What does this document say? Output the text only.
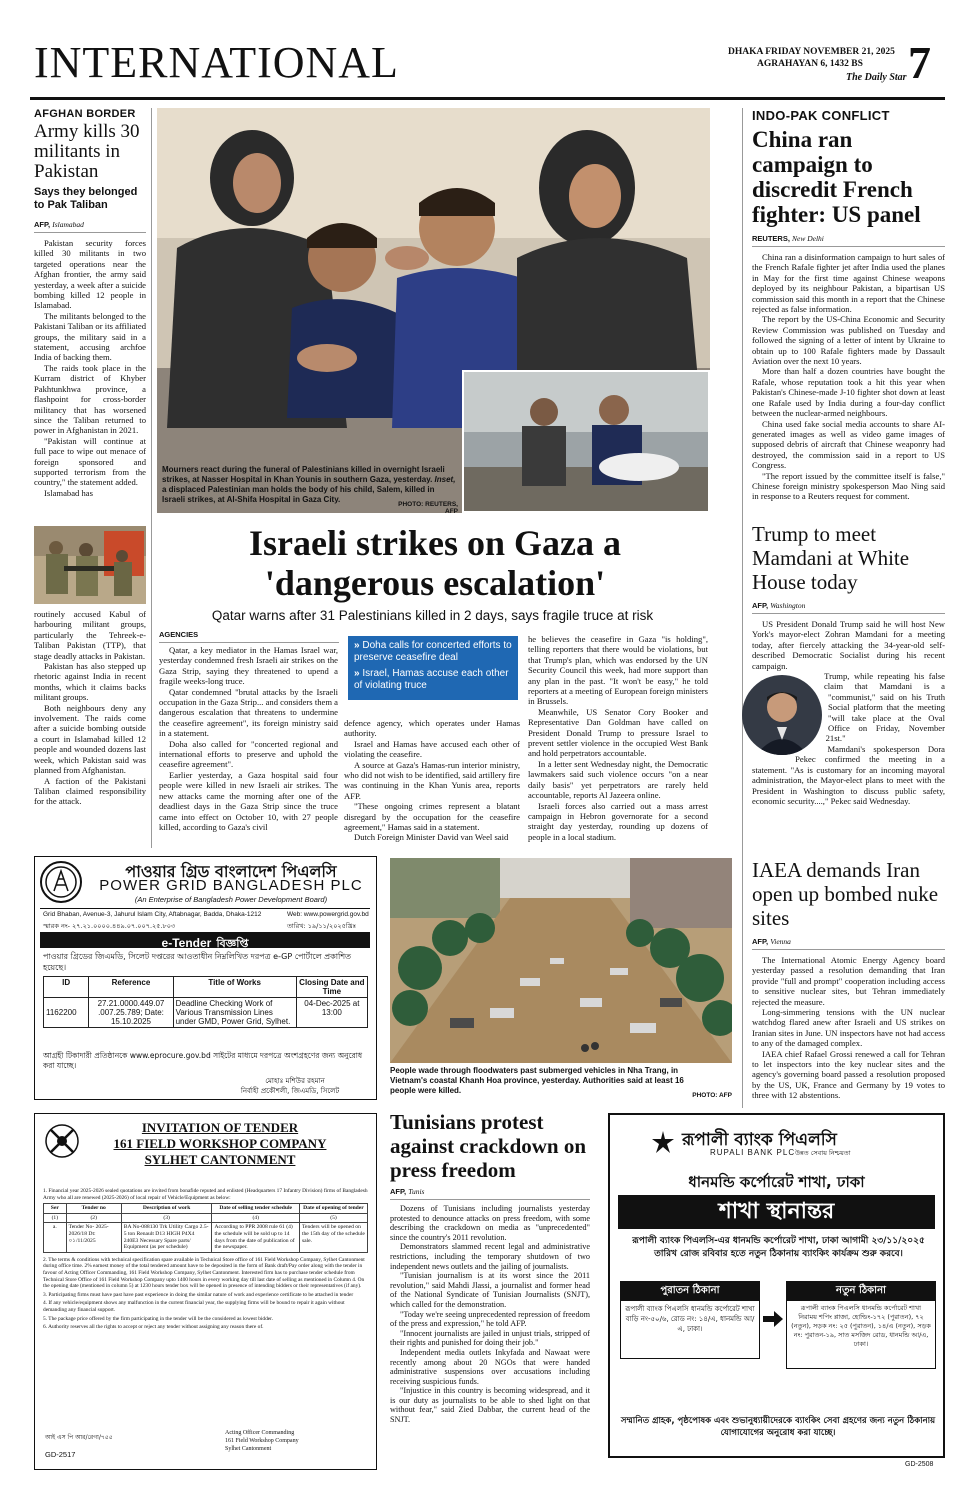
INTERNATIONAL	DHAKA FRIDAY NOVEMBER 21, 2025
AGRAHAYAN 6, 1432 BS
The Daily Star 7
AFGHAN BORDER
Army kills 30 militants in Pakistan
Says they belonged to Pak Taliban
AFP, Islamabad

Pakistan security forces killed 30 militants in two targeted operations near the Afghan frontier, the army said yesterday, a week after a suicide bombing killed 12 people in Islamabad.

The militants belonged to the Pakistani Taliban or its affiliated groups, the military said in a statement, accusing archfoe India of backing them.

The raids took place in the Kurram district of Khyber Pakhtunkhwa province, a flashpoint for cross-border militancy that has worsened since the Taliban returned to power in Afghanistan in 2021.

"Pakistan will continue at full pace to wipe out menace of foreign sponsored and supported terrorism from the country," the statement added.

Islamabad has

routinely accused Kabul of harbouring militant groups, particularly the Tehreek-e-Taliban Pakistan (TTP), that stage deadly attacks in Pakistan.

Pakistan has also stepped up rhetoric against India in recent months, which it claims backs militant groups.

Both neighbours deny any involvement. The raids come after a suicide bombing outside a court in Islamabad killed 12 people and wounded dozens last week, which Pakistan said was planned from Afghanistan.

A faction of the Pakistani Taliban claimed responsibility for the attack.

Mourners react during the funeral of Palestinians killed in overnight Israeli strikes, at Nasser Hospital in Khan Younis in southern Gaza, yesterday. Inset, a displaced Palestinian man holds the body of his child, Salem, killed in Israeli strikes, at Al-Shifa Hospital in Gaza City.
PHOTO: REUTERS, AFP
Israeli strikes on Gaza a 'dangerous escalation'
Qatar warns after 31 Palestinians killed in 2 days, says fragile truce at risk
AGENCIES

Qatar, a key mediator in the Hamas Israel war, yesterday condemned fresh Israeli air strikes on the Gaza Strip, saying they threatened to upend a fragile weeks-long truce.

Qatar condemned "brutal attacks by the Israeli occupation in the Gaza Strip... and considers them a dangerous escalation that threatens to undermine the ceasefire agreement", its foreign ministry said in a statement.

Doha also called for "concerted regional and international efforts to preserve and uphold the ceasefire agreement".

Earlier yesterday, a Gaza hospital said four people were killed in new Israeli air strikes. The new attacks came the morning after one of the deadliest days in the Gaza Strip since the truce came into effect on October 10, with 27 people killed, according to Gaza's civil

» Doha calls for concerted efforts to preserve ceasefire deal
» Israel, Hamas accuse each other of violating truce

defence agency, which operates under Hamas authority.

Israel and Hamas have accused each other of violating the ceasefire.

A source at Gaza's Hamas-run interior ministry, who did not wish to be identified, said artillery fire was continuing in the Khan Yunis area, reports AFP.

"These ongoing crimes represent a blatant disregard by the occupation for the ceasefire agreement," Hamas said in a statement.

Dutch Foreign Minister David van Weel said

he believes the ceasefire in Gaza "is holding", telling reporters that there would be violations, but that Trump's plan, which was endorsed by the UN Security Council this week, had more support than any plan in the past. "It won't be easy," he told reporters at a meeting of European foreign ministers in Brussels.

Meanwhile, US Senator Cory Booker and Representative Dan Goldman have called on President Donald Trump to pressure Israel to prevent settler violence in the occupied West Bank and hold perpetrators accountable.

In a letter sent Wednesday night, the Democratic lawmakers said such violence occurs "on a near daily basis" yet perpetrators are rarely held accountable, reports Al Jazeera online.

Israeli forces also carried out a mass arrest campaign in Hebron governorate for a second straight day yesterday, rounding up dozens of people in a local stadium.

INDO-PAK CONFLICT
China ran campaign to discredit French fighter: US panel
REUTERS, New Delhi

China ran a disinformation campaign to hurt sales of the French Rafale fighter jet after India used the planes in May for the first time against Chinese weapons deployed by its neighbour Pakistan, a bipartisan US commission said this month in a report that the Chinese rejected as false information.

The report by the US-China Economic and Security Review Commission was published on Tuesday and followed the signing of a letter of intent by Ukraine to obtain up to 100 Rafale fighters made by Dassault Aviation over the next 10 years.

More than half a dozen countries have bought the Rafale, whose reputation took a hit this year when Pakistan's Chinese-made J-10 fighter shot down at least one Rafale used by India during a four-day conflict between the nuclear-armed neighbours.

China used fake social media accounts to share AI-generated images as well as video game images of supposed debris of aircraft that Chinese weaponry had destroyed, the commission said in a report to US Congress.

"The report issued by the committee itself is false," Chinese foreign ministry spokesperson Mao Ning said in response to a Reuters request for comment.

Trump to meet Mamdani at White House today
AFP, Washington

US President Donald Trump said he will host New York's mayor-elect Zohran Mamdani for a meeting today, after fiercely attacking the 34-year-old self-described Democratic Socialist during his recent campaign.

Trump, while repeating his false claim that Mamdani is a "communist," said on his Truth Social platform that the meeting "will take place at the Oval Office on Friday, November 21st."

Mamdani's spokesperson Dora Pekec confirmed the meeting in a statement. "As is customary for an incoming mayoral administration, the Mayor-elect plans to meet with the President in Washington to discuss public safety, economic security....," Pekec said Wednesday.

IAEA demands Iran open up bombed nuke sites
AFP, Vienna

The International Atomic Energy Agency board yesterday passed a resolution demanding that Iran provide "full and prompt" cooperation including access to sensitive nuclear sites, but Tehran immediately rejected the measure.

Long-simmering tensions with the UN nuclear watchdog flared anew after Israeli and US strikes on Iranian sites in June. UN inspectors have not had access to any of the damaged complex.

IAEA chief Rafael Grossi renewed a call for Tehran to let inspectors into the key nuclear sites and the agency's governing board passed a resolution proposed by the US, UK, France and Germany by 19 votes to three with 12 abstentions.

People wade through floodwaters past submerged vehicles in Nha Trang, in Vietnam's coastal Khanh Hoa province, yesterday. Authorities said at least 16 people were killed.
PHOTO: AFP
Tunisians protest against crackdown on press freedom
AFP, Tunis

Dozens of Tunisians including journalists yesterday protested to denounce attacks on press freedom, with some describing the crackdown on media as "unprecedented" since the country's 2011 revolution.

Demonstrators slammed recent legal and administrative restrictions, including the temporary shutdown of two independent news outlets and the jailing of journalists.

"Tunisian journalism is at its worst since the 2011 revolution," said Mahdi Jlassi, a journalist and former head of the National Syndicate of Tunisian Journalists (SNJT), which called for the demonstration.

"Today we're seeing unprecedented repression of freedom of the press and expression," he told AFP.

"Innocent journalists are jailed in unjust trials, stripped of their rights and punished for doing their job."

Independent media outlets Inkyfada and Nawaat were recently among about 20 NGOs that were handed administrative suspensions over accusations including receiving suspicious funds.

"Injustice in this country is becoming widespread, and it is our duty as journalists to be able to shed light on that without fear," said Zied Dabbar, the current head of the SNJT.

পাওয়ার গ্রিড বাংলাদেশ পিএলসি
POWER GRID BANGLADESH PLC
(An Enterprise of Bangladesh Power Development Board)
Grid Bhaban, Avenue-3, Jahurul Islam City, Aftabnagar, Badda, Dhaka-1212	Web: www.powergrid.gov.bd
স্মারক নং- ২৭.২১.০০০০.৪৪৯.০৭.০০৭.২৫.৮০৩	তারিখ: ১৯/১১/২০২৫খ্রিঃ
e-Tender বিজ্ঞপ্তি
পাওয়ার গ্রিডের জিএমডি, সিলেট দপ্তরের আওতাধীন নিম্নলিখিত দরপত্র e-GP পোর্টালে প্রকাশিত হয়েছে।
ID	Reference	Title of Works	Closing Date and Time
1162200	27.21.0000.449.07 .007.25.789; Date: 15.10.2025	Deadline Checking Work of Various Transmission Lines under GMD, Power Grid, Sylhet.	04-Dec-2025 at 13:00
আগ্রহী টিকাদারী প্রতিষ্ঠানকে www.eprocure.gov.bd সাইটের মাধ্যমে দরপত্রে অংশগ্রহণের জন্য অনুরোধ করা যাচ্ছে।
মোহাঃ মশিউর রহমান
নির্বাহী প্রকৌশলী, জিএমডি, সিলেট
INVITATION OF TENDER
161 FIELD WORKSHOP COMPANY
SYLHET CANTONMENT

1. Financial year 2025-2026 sealed quotations are invited from bonafide reputed and enlisted (Headquarters 17 Infantry Division) firms of Bangladesh Army who all are renewed (2025-2026) of local repair of Vehicle/Equipment as below:

Ser	Tender no	Description of work	Date of selling tender schedule	Date of opening of tender
(1)	(2)	(3)	(4)	(5)
a.	Tender No- 2025-2026/18 Dt: ০১/11/2025	BA No-088130 Trk Utility Cargo 2.5-5 ton Renault D13 HIGH P4X4 240E3 Necessary Spare parts/ Equipment (as per schedule)	According to PPR 2008 rule 61 (4) the schedule will be sold up to 14 days from the date of publication of the newspaper.	Tenders will be opened on the 15th day of the schedule sale.

2. The terms & conditions with technical specification spare available in Technical Store office of 161 Field Workshop Company, Sylhet Cantonment during office time. 2% earnest money of the total tendered amount have to be deposited in the form of Bank draft/Pay order along with the tender in favour of Acting Officer Commanding, 161 Field Workshop Company, Sylhet Cantonment. Interested firm has to purchase tender schedule from Technical Store Office of 161 Field Workshop Company upto 1400 hours in every working day till last date of selling as mentioned in Column 4. On the opening date (mentioned in column 5) at 1230 hours tender box will be opened in presence of intending bidders or their representatives (if any).

3. Participating firms must have past have past experience in doing the similar nature of work and experience certificate to be attached in tender

4. If any vehicle/equipment shows any malfunction in the current financial year, the supplying firms will be bound to repair it again without demanding any financial support.

5. The package price offered by the firm participating in the tender will be the considered as lowest bidder.

6. Authority reserves all the rights to accept or reject any tender without assigning any reason there of.

আই এস পি আর/রেগা/৭৫৫
GD-2517
Acting Officer Commanding
161 Field Workshop Company
Sylhet Cantonment
রূপালী ব্যাংক পিএলসি
RUPALI BANK PLC উন্নত সেবায় নিশ্চয়তা
ধানমন্ডি কর্পোরেট শাখা, ঢাকা
শাখা স্থানান্তর
রূপালী ব্যাংক পিএলসি-এর ধানমন্ডি কর্পোরেট শাখা, ঢাকা আগামী ২৩/১১/২০২৫ তারিখ রোজ রবিবার হতে নতুন ঠিকানায় ব্যাংকিং কার্যক্রম শুরু করবে।
পুরাতন ঠিকানা
রূপালী ব্যাংক পিএলসি ধানমন্ডি কর্পোরেট শাখা বাড়ি নং-৫০/৬, রোড নং: ১৪/এ, ধানমন্ডি আ/এ, ঢাকা।
নতুন ঠিকানা
রূপালী ব্যাংক পিএলসি ধানমন্ডি কর্পোরেট শাখা নিরাময় শপিং প্লাজা, হোল্ডিং-১৭২ (পুরাতন), ৭২ (নতুন), সড়ক নং: ২৫ (পুরাতন), ১৪/এ (নতুন), সড়ক নং: পুরাতন-১৯, সাত মসজিদ রোড, ধানমন্ডি আ/এ, ঢাকা।
সম্মানিত গ্রাহক, পৃষ্ঠপোষক এবং শুভানুধ্যায়ীদেরকে ব্যাংকিং সেবা গ্রহণের জন্য নতুন ঠিকানায় যোগাযোগের অনুরোধ করা যাচ্ছে।
GD-2508
